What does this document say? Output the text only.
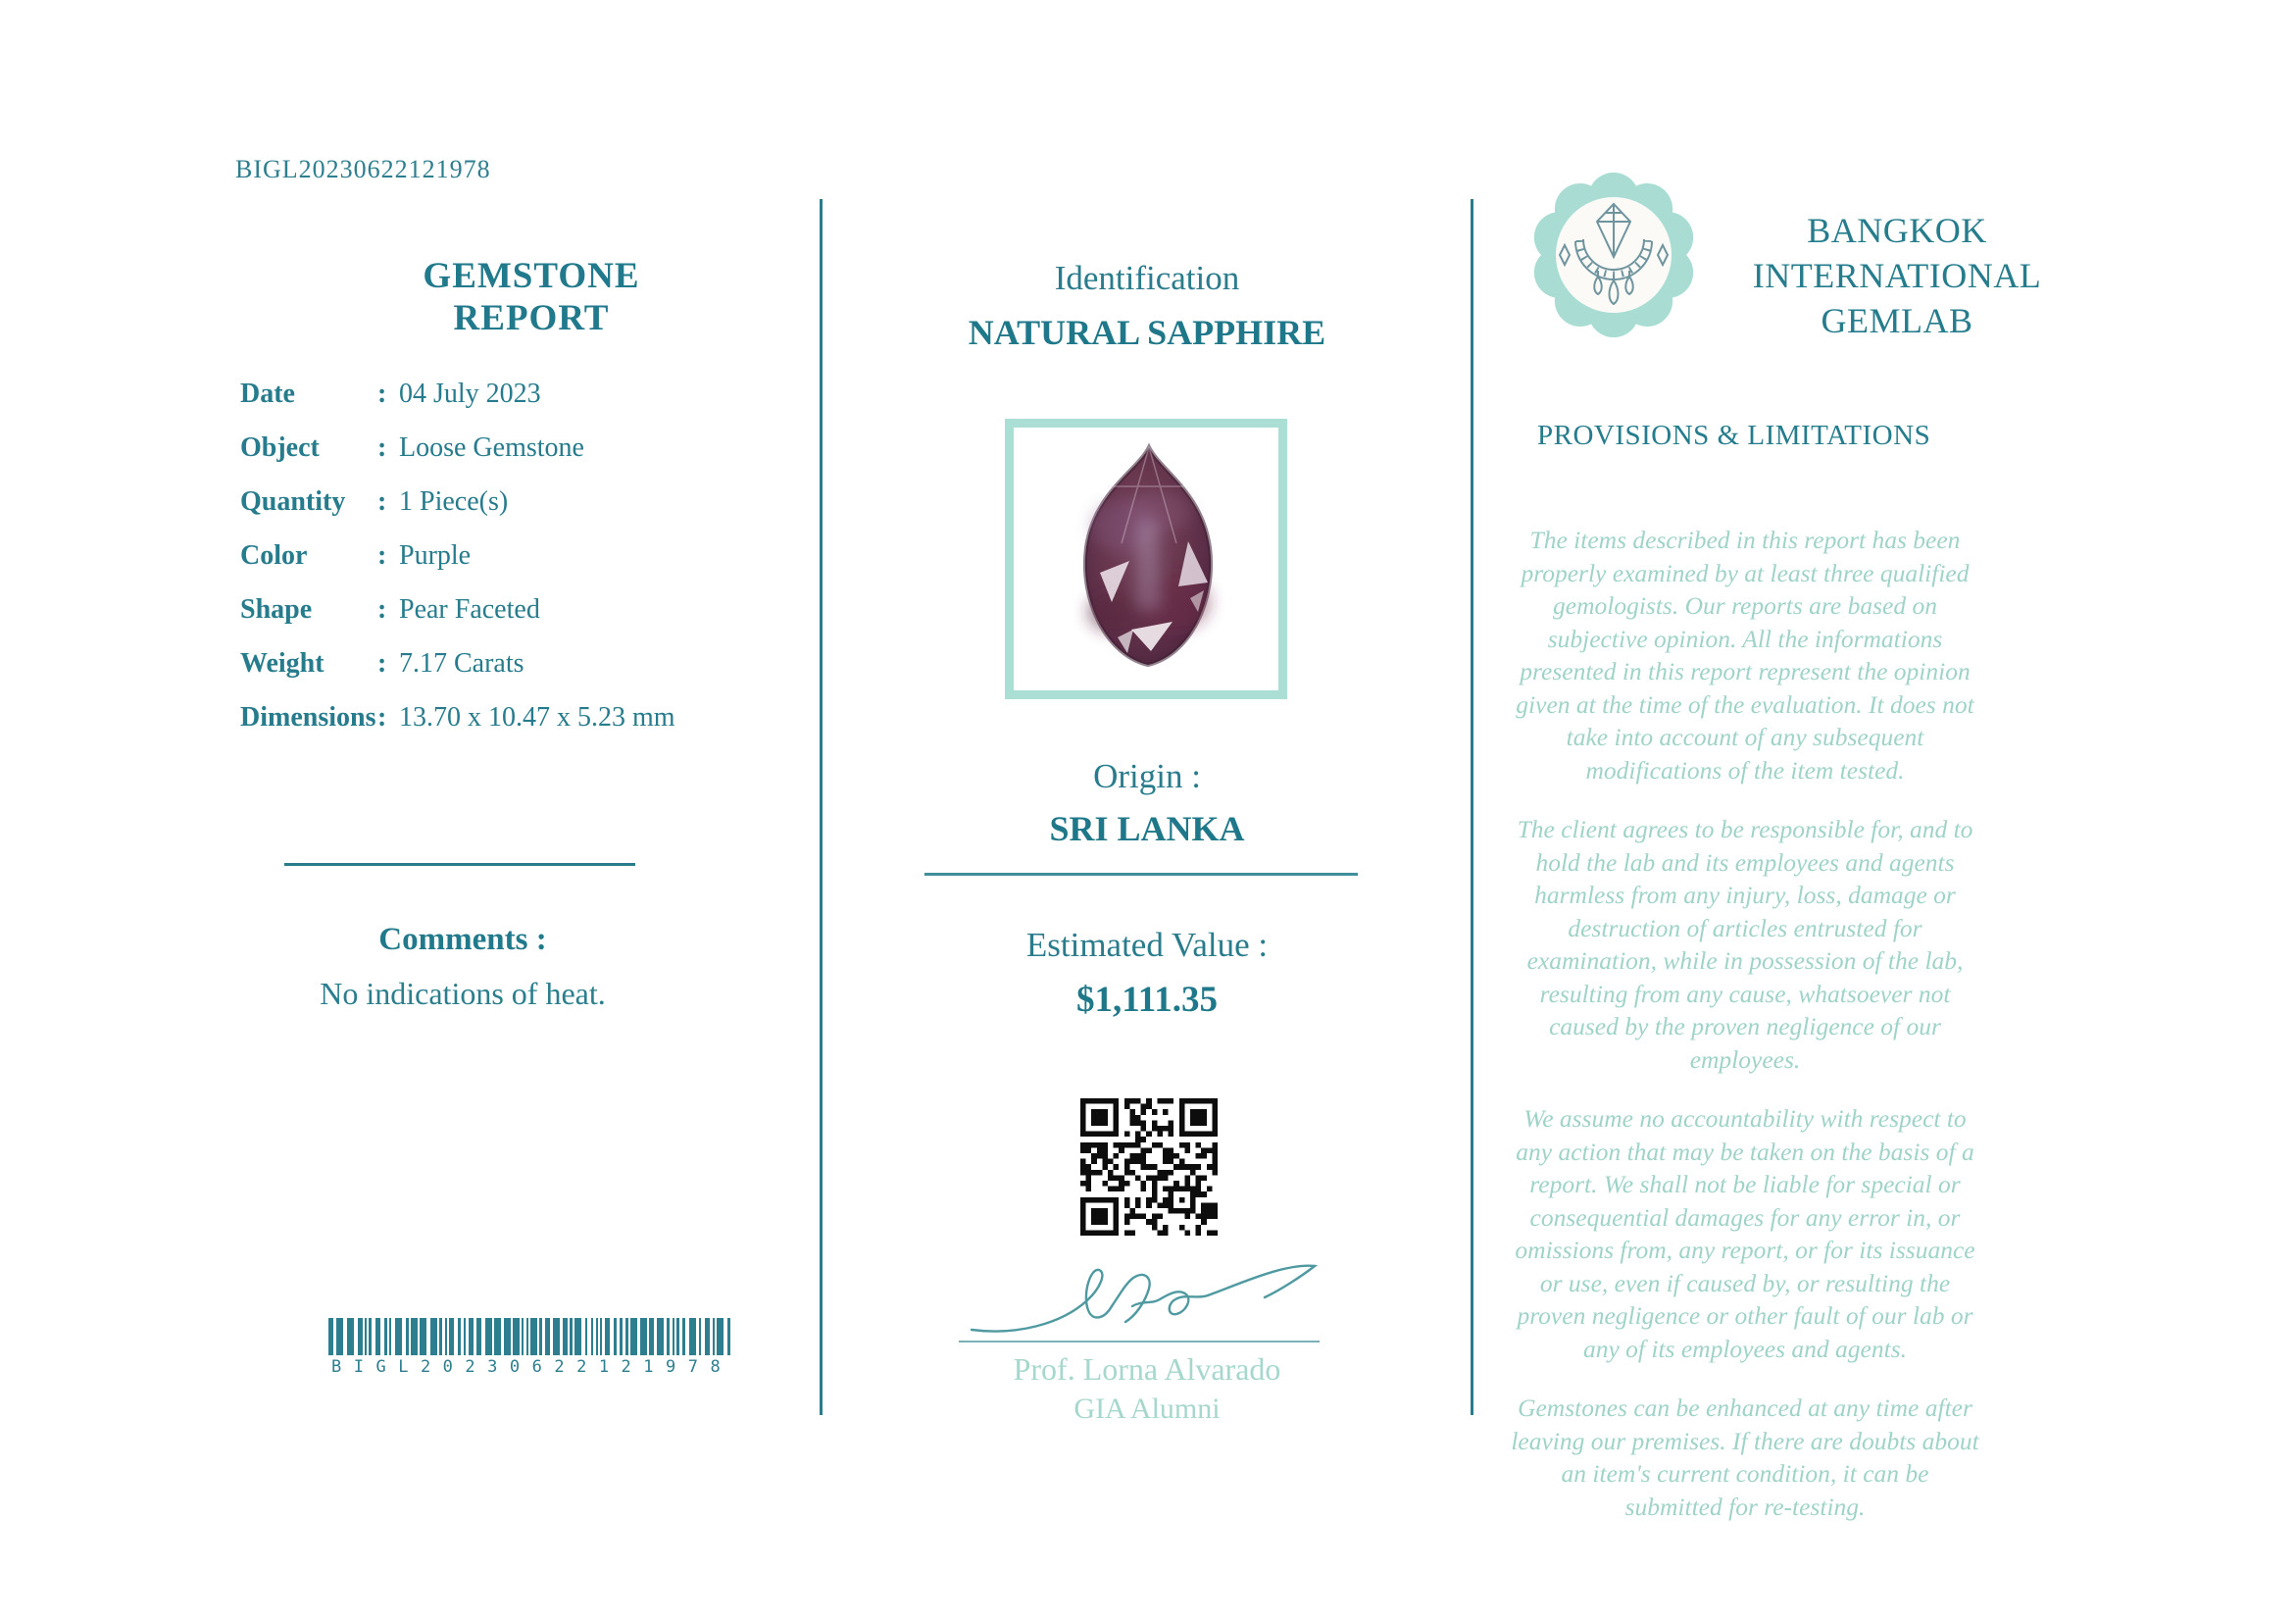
BIGL20230622121978
GEMSTONE REPORT
Date	: 04 July 2023
Object : Loose Gemstone
Quantity : 1 Piece(s)
Color	: Purple
Shape : Pear Faceted
Weight : 7.17 Carats
Dimensions : 13.70 x 10.47 x 5.23 mm
Comments :
No indications of heat.
BIGL20230622121978
Identification
NATURAL SAPPHIRE
Origin :
SRI LANKA
Estimated Value :
$1,111.35
Prof. Lorna Alvarado
GIA Alumni
BANGKOK
INTERNATIONAL
GEMLAB
PROVISIONS & LIMITATIONS

The items described in this report has been properly examined by at least three qualified gemologists. Our reports are based on subjective opinion. All the informations presented in this report represent the opinion given at the time of the evaluation. It does not take into account of any subsequent modifications of the item tested.

The client agrees to be responsible for, and to hold the lab and its employees and agents harmless from any injury, loss, damage or destruction of articles entrusted for examination, while in possession of the lab, resulting from any cause, whatsoever not caused by the proven negligence of our employees.

We assume no accountability with respect to any action that may be taken on the basis of a report. We shall not be liable for special or consequential damages for any error in, or omissions from, any report, or for its issuance or use, even if caused by, or resulting the proven negligence or other fault of our lab or any of its employees and agents.

Gemstones can be enhanced at any time after leaving our premises. If there are doubts about an item's current condition, it can be submitted for re-testing.
